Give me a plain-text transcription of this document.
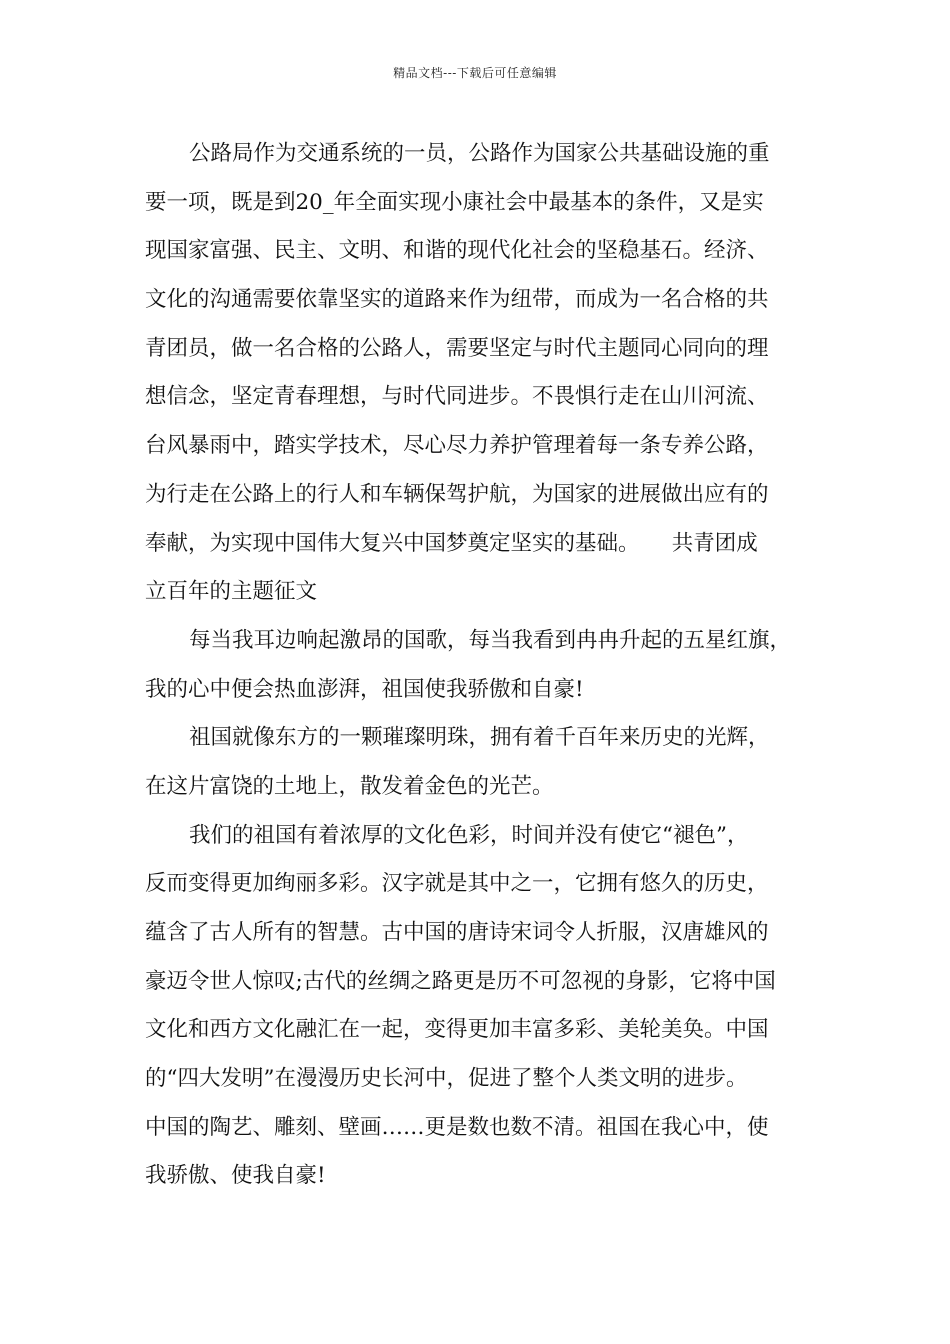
精品文档---下载后可任意编辑
公路局作为交通系统的一员，公路作为国家公共基础设施的重
要一项，既是到20_年全面实现小康社会中最基本的条件，又是实
现国家富强、民主、文明、和谐的现代化社会的坚稳基石。经济、
文化的沟通需要依靠坚实的道路来作为纽带，而成为一名合格的共
青团员，做一名合格的公路人，需要坚定与时代主题同心同向的理
想信念，坚定青春理想，与时代同进步。不畏惧行走在山川河流、
台风暴雨中，踏实学技术，尽心尽力养护管理着每一条专养公路，
为行走在公路上的行人和车辆保驾护航，为国家的进展做出应有的
奉献，为实现中国伟大复兴中国梦奠定坚实的基础。　　共青团成
立百年的主题征文
每当我耳边响起激昂的国歌，每当我看到冉冉升起的五星红旗，
我的心中便会热血澎湃，祖国使我骄傲和自豪!
祖国就像东方的一颗璀璨明珠，拥有着千百年来历史的光辉，
在这片富饶的土地上，散发着金色的光芒。
我们的祖国有着浓厚的文化色彩，时间并没有使它“褪色”，
反而变得更加绚丽多彩。汉字就是其中之一，它拥有悠久的历史，
蕴含了古人所有的智慧。古中国的唐诗宋词令人折服，汉唐雄风的
豪迈令世人惊叹;古代的丝绸之路更是历不可忽视的身影，它将中国
文化和西方文化融汇在一起，变得更加丰富多彩、美轮美奂。中国
的“四大发明”在漫漫历史长河中，促进了整个人类文明的进步。
中国的陶艺、雕刻、壁画……更是数也数不清。祖国在我心中，使
我骄傲、使我自豪!
